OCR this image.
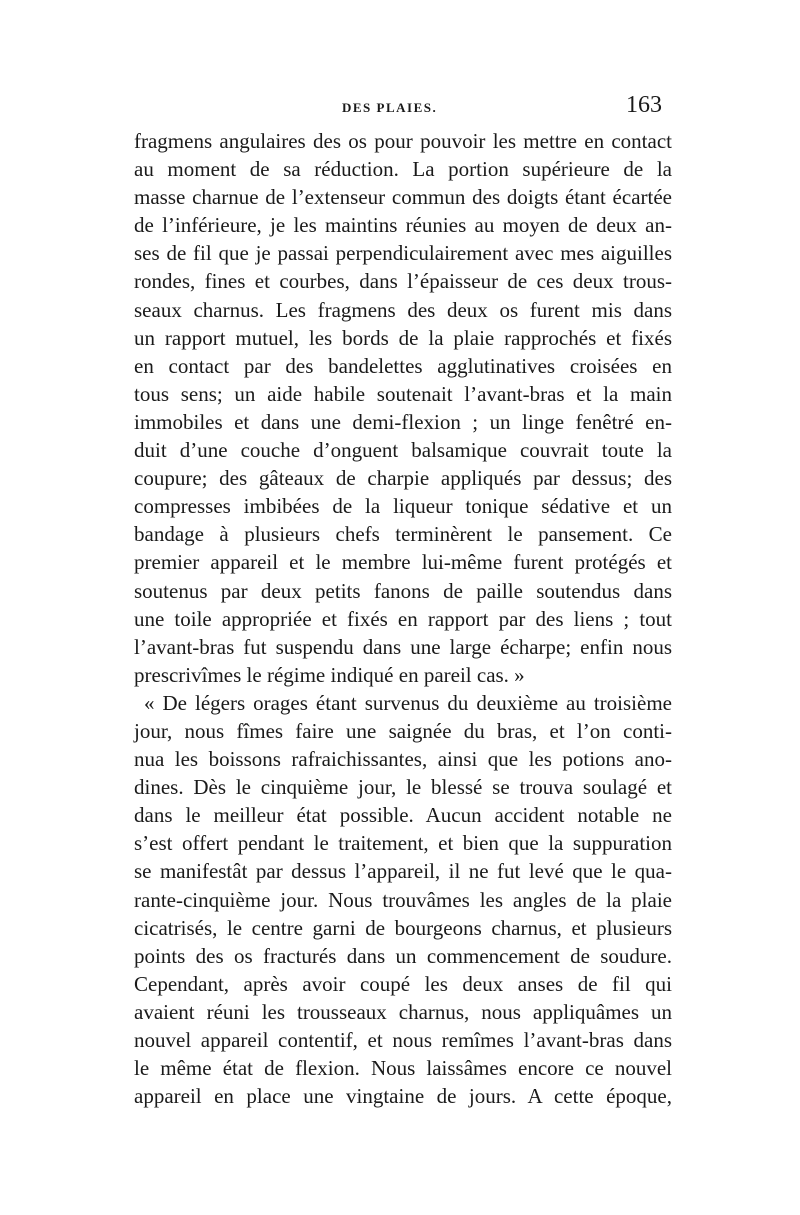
DES PLAIES.	163
fragmens angulaires des os pour pouvoir les mettre en contact
au moment de sa réduction. La portion supérieure de la
masse charnue de l’extenseur commun des doigts étant écartée
de l’inférieure, je les maintins réunies au moyen de deux an-
ses de fil que je passai perpendiculairement avec mes aiguilles
rondes, fines et courbes, dans l’épaisseur de ces deux trous-
seaux charnus. Les fragmens des deux os furent mis dans
un rapport mutuel, les bords de la plaie rapprochés et fixés
en contact par des bandelettes agglutinatives croisées en
tous sens; un aide habile soutenait l’avant-bras et la main
immobiles et dans une demi-flexion ; un linge fenêtré en-
duit d’une couche d’onguent balsamique couvrait toute la
coupure; des gâteaux de charpie appliqués par dessus; des
compresses imbibées de la liqueur tonique sédative et un
bandage à plusieurs chefs terminèrent le pansement. Ce
premier appareil et le membre lui-même furent protégés et
soutenus par deux petits fanons de paille soutendus dans
une toile appropriée et fixés en rapport par des liens ; tout
l’avant-bras fut suspendu dans une large écharpe; enfin nous
prescrivîmes le régime indiqué en pareil cas. »
« De légers orages étant survenus du deuxième au troisième
jour, nous fîmes faire une saignée du bras, et l’on conti-
nua les boissons rafraichissantes, ainsi que les potions ano-
dines. Dès le cinquième jour, le blessé se trouva soulagé et
dans le meilleur état possible. Aucun accident notable ne
s’est offert pendant le traitement, et bien que la suppuration
se manifestât par dessus l’appareil, il ne fut levé que le qua-
rante-cinquième jour. Nous trouvâmes les angles de la plaie
cicatrisés, le centre garni de bourgeons charnus, et plusieurs
points des os fracturés dans un commencement de soudure.
Cependant, après avoir coupé les deux anses de fil qui
avaient réuni les trousseaux charnus, nous appliquâmes un
nouvel appareil contentif, et nous remîmes l’avant-bras dans
le même état de flexion. Nous laissâmes encore ce nouvel
appareil en place une vingtaine de jours. A cette époque,
